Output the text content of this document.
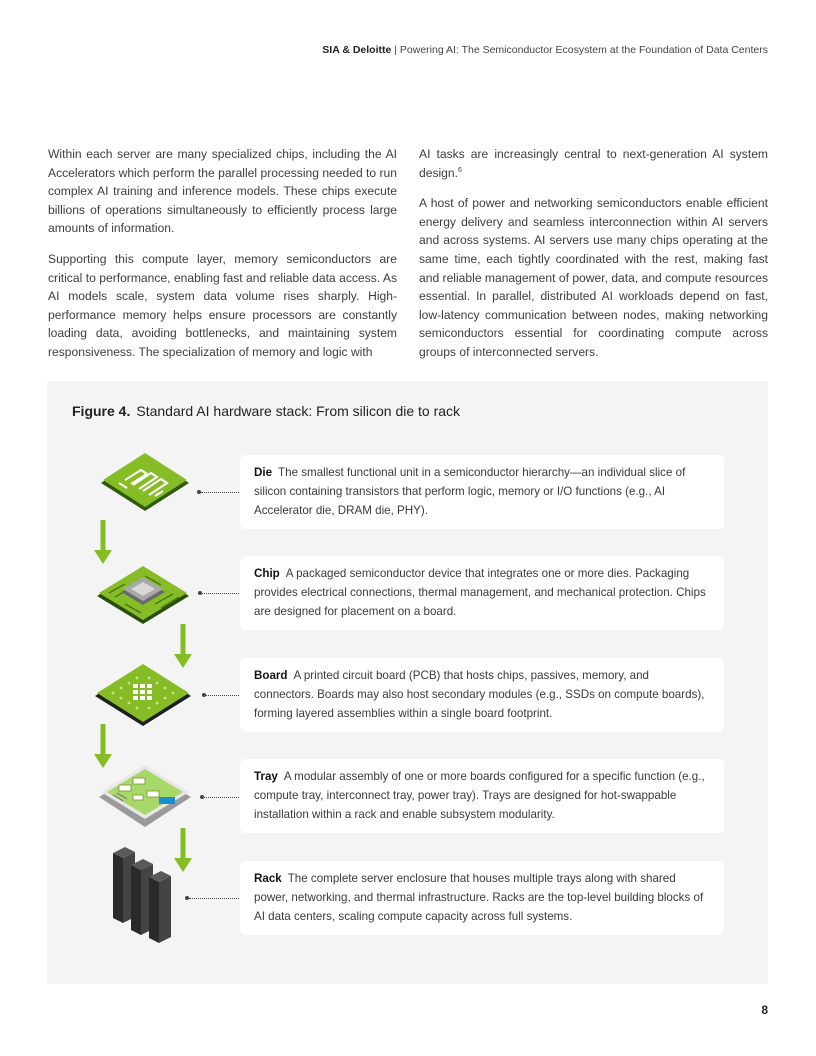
SIA & Deloitte | Powering AI: The Semiconductor Ecosystem at the Foundation of Data Centers

Within each server are many specialized chips, including the AI Accelerators which perform the parallel processing needed to run complex AI training and inference models. These chips execute billions of operations simultaneously to efficiently process large amounts of information.

Supporting this compute layer, memory semiconductors are critical to performance, enabling fast and reliable data access. As AI models scale, system data volume rises sharply. High-performance memory helps ensure processors are constantly loading data, avoiding bottlenecks, and maintaining system responsiveness. The specialization of memory and logic with

AI tasks are increasingly central to next-generation AI system design.$^6$

A host of power and networking semiconductors enable efficient energy delivery and seamless interconnection within AI servers and across systems. AI servers use many chips operating at the same time, each tightly coordinated with the rest, making fast and reliable management of power, data, and compute resources essential. In parallel, distributed AI workloads depend on fast, low-latency communication between nodes, making networking semiconductors essential for coordinating compute across groups of interconnected servers.

Figure 4. Standard AI hardware stack: From silicon die to rack
Die The smallest functional unit in a semiconductor hierarchy—an individual slice of silicon containing transistors that perform logic, memory or I/O functions (e.g., AI Accelerator die, DRAM die, PHY).
Chip A packaged semiconductor device that integrates one or more dies. Packaging provides electrical connections, thermal management, and mechanical protection. Chips are designed for placement on a board.
Board A printed circuit board (PCB) that hosts chips, passives, memory, and connectors. Boards may also host secondary modules (e.g., SSDs on compute boards), forming layered assemblies within a single board footprint.
Tray A modular assembly of one or more boards configured for a specific function (e.g., compute tray, interconnect tray, power tray). Trays are designed for hot-swappable installation within a rack and enable subsystem modularity.
Rack The complete server enclosure that houses multiple trays along with shared power, networking, and thermal infrastructure. Racks are the top-level building blocks of AI data centers, scaling compute capacity across full systems.
8
